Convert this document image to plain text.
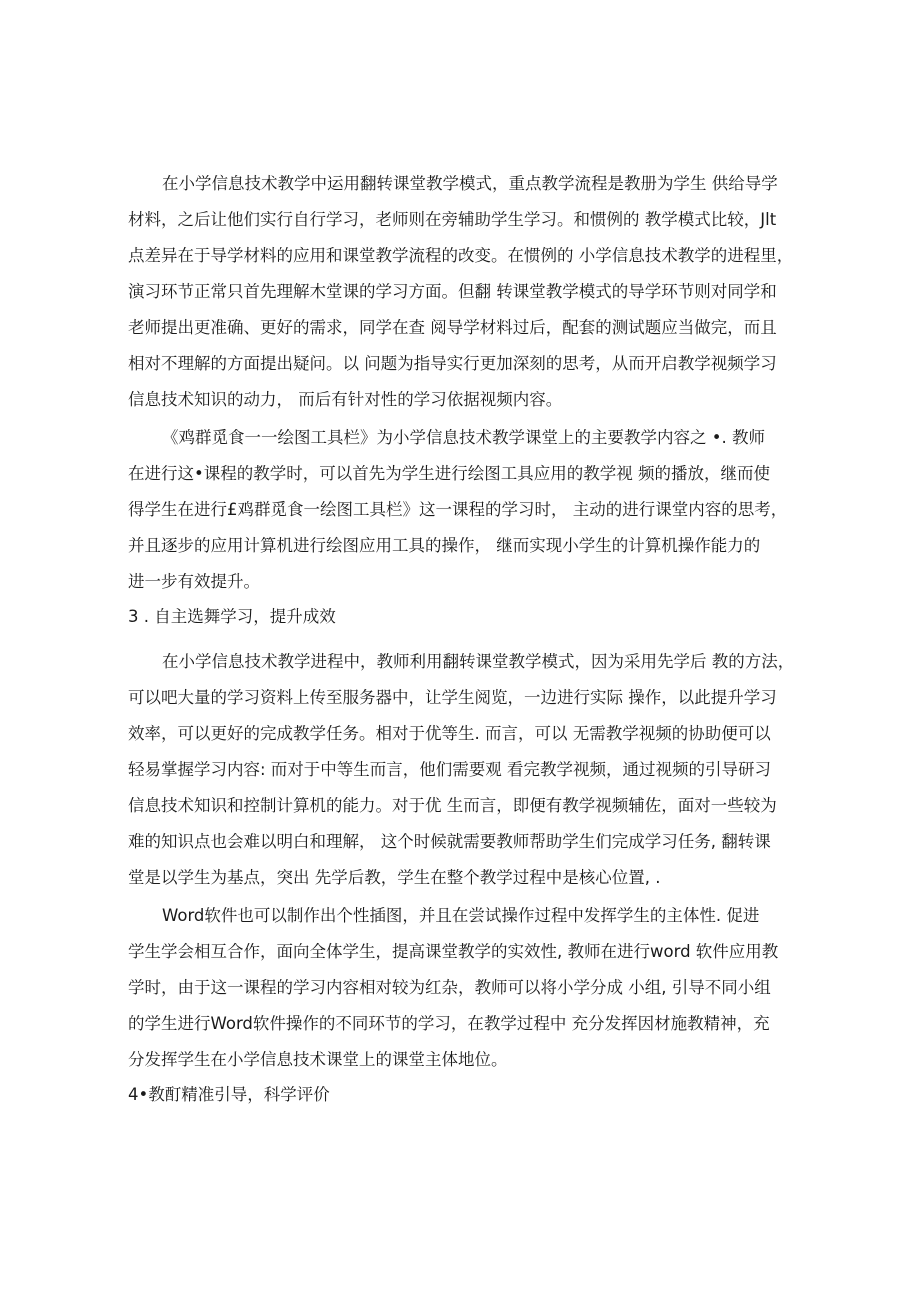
在小学信息技术教学中运用翻转课堂教学模式，重点教学流程是教册为学生 供给导学
材料，之后让他们实行自行学习，老师则在旁辅助学生学习。和惯例的 教学模式比较，Jlt
点差异在于导学材料的应用和课堂教学流程的改变。在惯例的 小学信息技术教学的进程里，
演习环节正常只首先理解木堂课的学习方面。但翻 转课堂教学模式的导学环节则对同学和
老师提出更准确、更好的需求，同学在查 阅导学材料过后，配套的测试题应当做完，而且
相对不理解的方面提出疑问。以 问题为指导实行更加深刻的思考，从而开启教学视频学习
信息技术知识的动力， 而后有针对性的学习依据视频内容。
《鸡群觅食一一绘图工具栏》为小学信息技术教学课堂上的主要教学内容之 •. 教师
在进行这•课程的教学时，可以首先为学生进行绘图工具应用的教学视 频的播放，继而使
得学生在进行£鸡群觅食一绘图工具栏》这一课程的学习时， 主动的进行课堂内容的思考，
并且逐步的应用计算机进行绘图应用工具的操作， 继而实现小学生的计算机操作能力的
进一步有效提升。
3 . 自主选舞学习，提升成效
在小学信息技术教学进程中，教师利用翻转课堂教学模式，因为采用先学后 教的方法，
可以吧大量的学习资料上传至服务器中，让学生阅览，一边进行实际 操作，以此提升学习
效率，可以更好的完成教学任务。相对于优等生. 而言，可以 无需教学视频的协助便可以
轻易掌握学习内容: 而对于中等生而言，他们需要观 看完教学视频，通过视频的引导研习
信息技术知识和控制计算机的能力。对于优 生而言，即便有教学视频辅佐，面对一些较为
难的知识点也会难以明白和理解， 这个时候就需要教师帮助学生们完成学习任务, 翻转课
堂是以学生为基点，突出 先学后教，学生在整个教学过程中是核心位置, .
Word软件也可以制作出个性插图，并且在尝试操作过程中发挥学生的主体性. 促进
学生学会相互合作，面向全体学生，提高课堂教学的实效性, 教师在进行word 软件应用教
学时，由于这一课程的学习内容相对较为红杂，教师可以将小学分成 小组, 引导不同小组
的学生进行Word软件操作的不同环节的学习，在教学过程中 充分发挥因材施教精神，充
分发挥学生在小学信息技术课堂上的课堂主体地位。
4•教酊精准引导，科学评价
